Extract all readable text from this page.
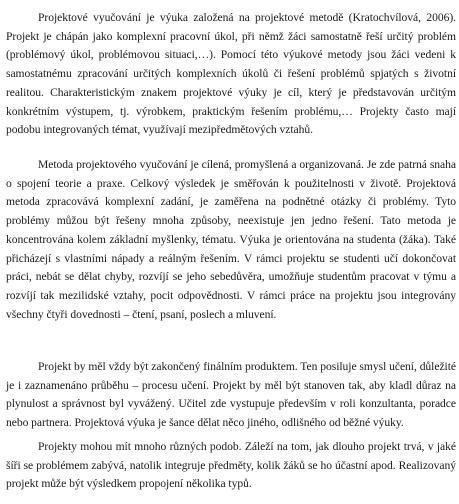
Projektové vyučování je výuka založená na projektové metodě (Kratochvílová, 2006). Projekt je chápán jako komplexní pracovní úkol, při němž žáci samostatně řeší určitý problém (problémový úkol, problémovou situaci,…). Pomocí této výukové metody jsou žáci vedeni k samostatnému zpracování určitých komplexních úkolů či řešení problémů spjatých s životní realitou. Charakteristickým znakem projektové výuky je cíl, který je představován určitým konkrétním výstupem, tj. výrobkem, praktickým řešením problému,… Projekty často mají podobu integrovaných témat, využívají mezipředmětových vztahů.

Metoda projektového vyučování je cílená, promyšlená a organizovaná. Je zde patrná snaha o spojení teorie a praxe. Celkový výsledek je směřován k použitelnosti v životě. Projektová metoda zpracovává komplexní zadání, je zaměřena na podnětné otázky či problémy. Tyto problémy můžou být řešeny mnoha způsoby, neexistuje jen jedno řešení. Tato metoda je koncentrována kolem základní myšlenky, tématu. Výuka je orientována na studenta (žáka). Také přicházejí s vlastními nápady a reálným řešením. V rámci projektu se studenti učí dokončovat práci, nebát se dělat chyby, rozvíjí se jeho sebedůvěra, umožňuje studentům pracovat v týmu a rozvíjí tak mezilidské vztahy, pocit odpovědnosti. V rámci práce na projektu jsou integrovány všechny čtyři dovednosti – čtení, psaní, poslech a mluvení.

Projekt by měl vždy být zakončený finálním produktem. Ten posiluje smysl učení, důležité je i zaznamenáno průběhu – procesu učení. Projekt by měl být stanoven tak, aby kladl důraz na plynulost a správnost byl vyvážený. Učitel zde vystupuje především v roli konzultanta, poradce nebo partnera. Projektová výuka je šance dělat něco jiného, odlišného od běžné výuky.

Projekty mohou mít mnoho různých podob. Záleží na tom, jak dlouho projekt trvá, v jaké šíři se problémem zabývá, natolik integruje předměty, kolik žáků se ho účastní apod. Realizovaný projekt může být výsledkem propojení několika typů.
